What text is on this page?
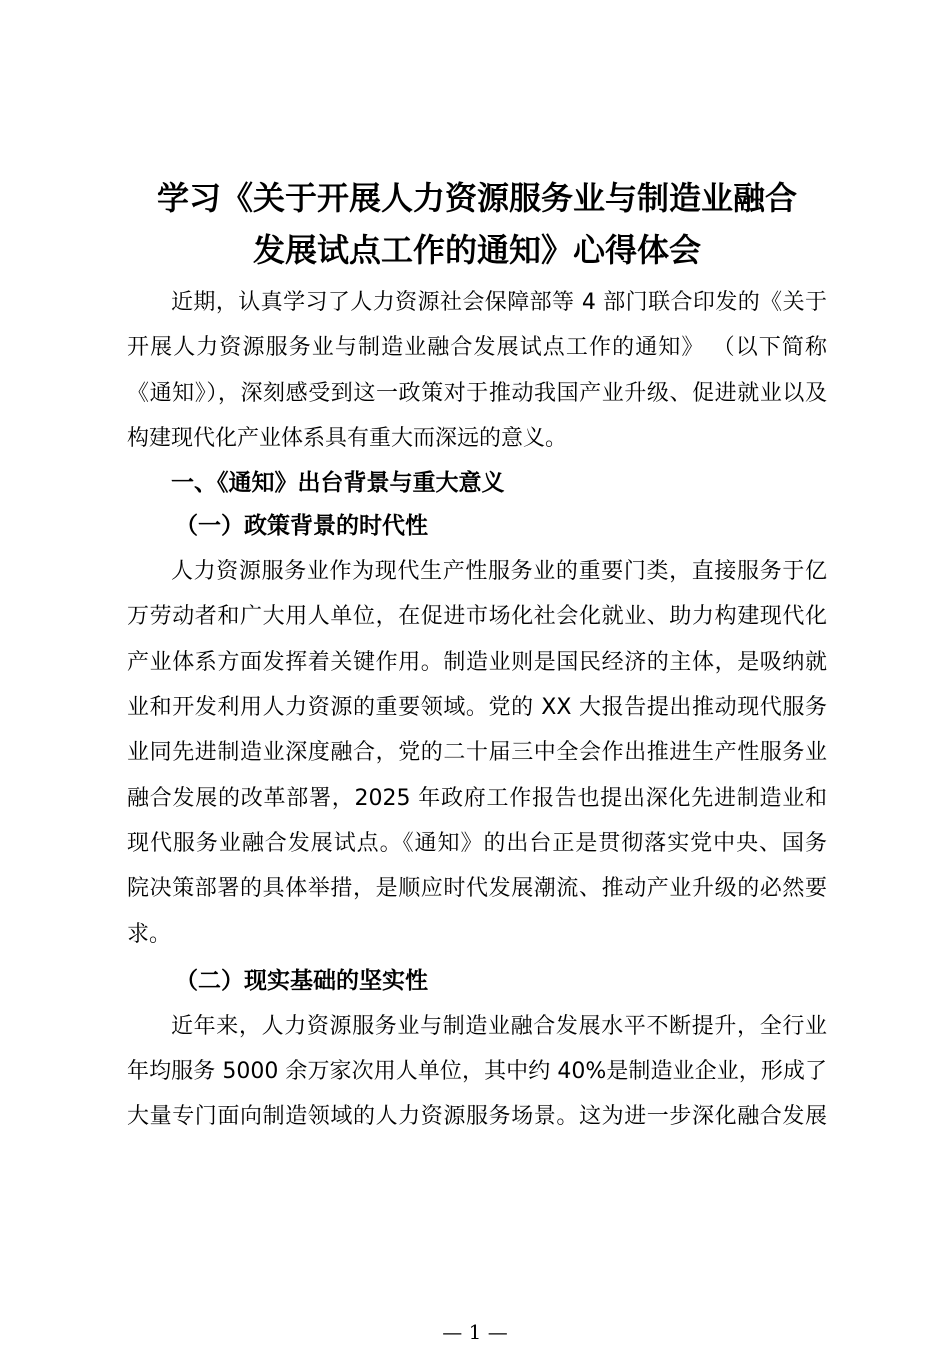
学习《关于开展人力资源服务业与制造业融合
发展试点工作的通知》心得体会
近期，认真学习了人力资源社会保障部等 4 部门联合印发的《关于
开展人力资源服务业与制造业融合发展试点工作的通知》 （以下简称
《通知》），深刻感受到这一政策对于推动我国产业升级、促进就业以及
构建现代化产业体系具有重大而深远的意义。
一、《通知》出台背景与重大意义
（一）政策背景的时代性
人力资源服务业作为现代生产性服务业的重要门类，直接服务于亿
万劳动者和广大用人单位，在促进市场化社会化就业、助力构建现代化
产业体系方面发挥着关键作用。制造业则是国民经济的主体，是吸纳就
业和开发利用人力资源的重要领域。党的 XX 大报告提出推动现代服务
业同先进制造业深度融合，党的二十届三中全会作出推进生产性服务业
融合发展的改革部署，2025 年政府工作报告也提出深化先进制造业和
现代服务业融合发展试点。《通知》的出台正是贯彻落实党中央、国务
院决策部署的具体举措，是顺应时代发展潮流、推动产业升级的必然要
求。
（二）现实基础的坚实性
近年来，人力资源服务业与制造业融合发展水平不断提升，全行业
年均服务 5000 余万家次用人单位，其中约 40%是制造业企业，形成了
大量专门面向制造领域的人力资源服务场景。这为进一步深化融合发展
— 1 —
